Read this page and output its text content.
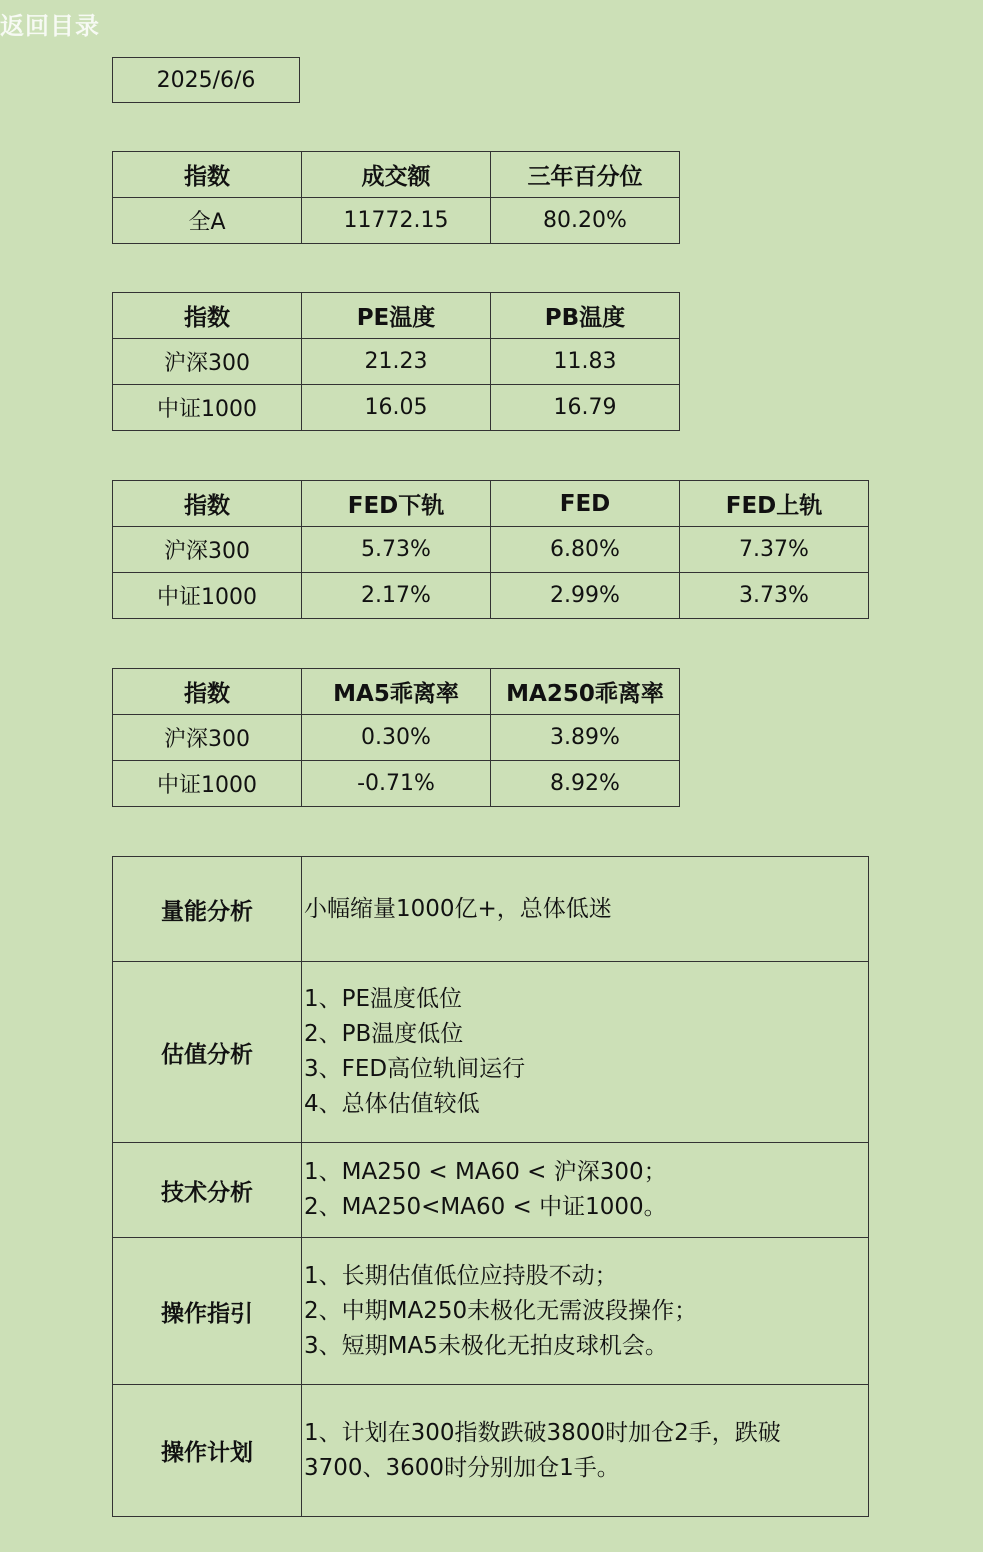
返回目录
2025/6/6
指数	成交额	三年百分位
全A	11772.15	80.20%
指数	PE温度	PB温度
沪深300	21.23	11.83
中证1000	16.05	16.79
指数	FED下轨	FED	FED上轨
沪深300	5.73%	6.80%	7.37%
中证1000	2.17%	2.99%	3.73%
指数	MA5乖离率	MA250乖离率
沪深300	0.30%	3.89%
中证1000	-0.71%	8.92%
量能分析	小幅缩量1000亿+，总体低迷

估值分析	1、PE温度低位
2、PB温度低位
3、FED高位轨间运行
4、总体估值较低

技术分析	1、MA250 < MA60 < 沪深300；
2、MA250<MA60 < 中证1000。

操作指引	1、长期估值低位应持股不动；
2、中期MA250未极化无需波段操作；
3、短期MA5未极化无拍皮球机会。

操作计划	1、计划在300指数跌破3800时加仓2手，跌破
3700、3600时分别加仓1手。
